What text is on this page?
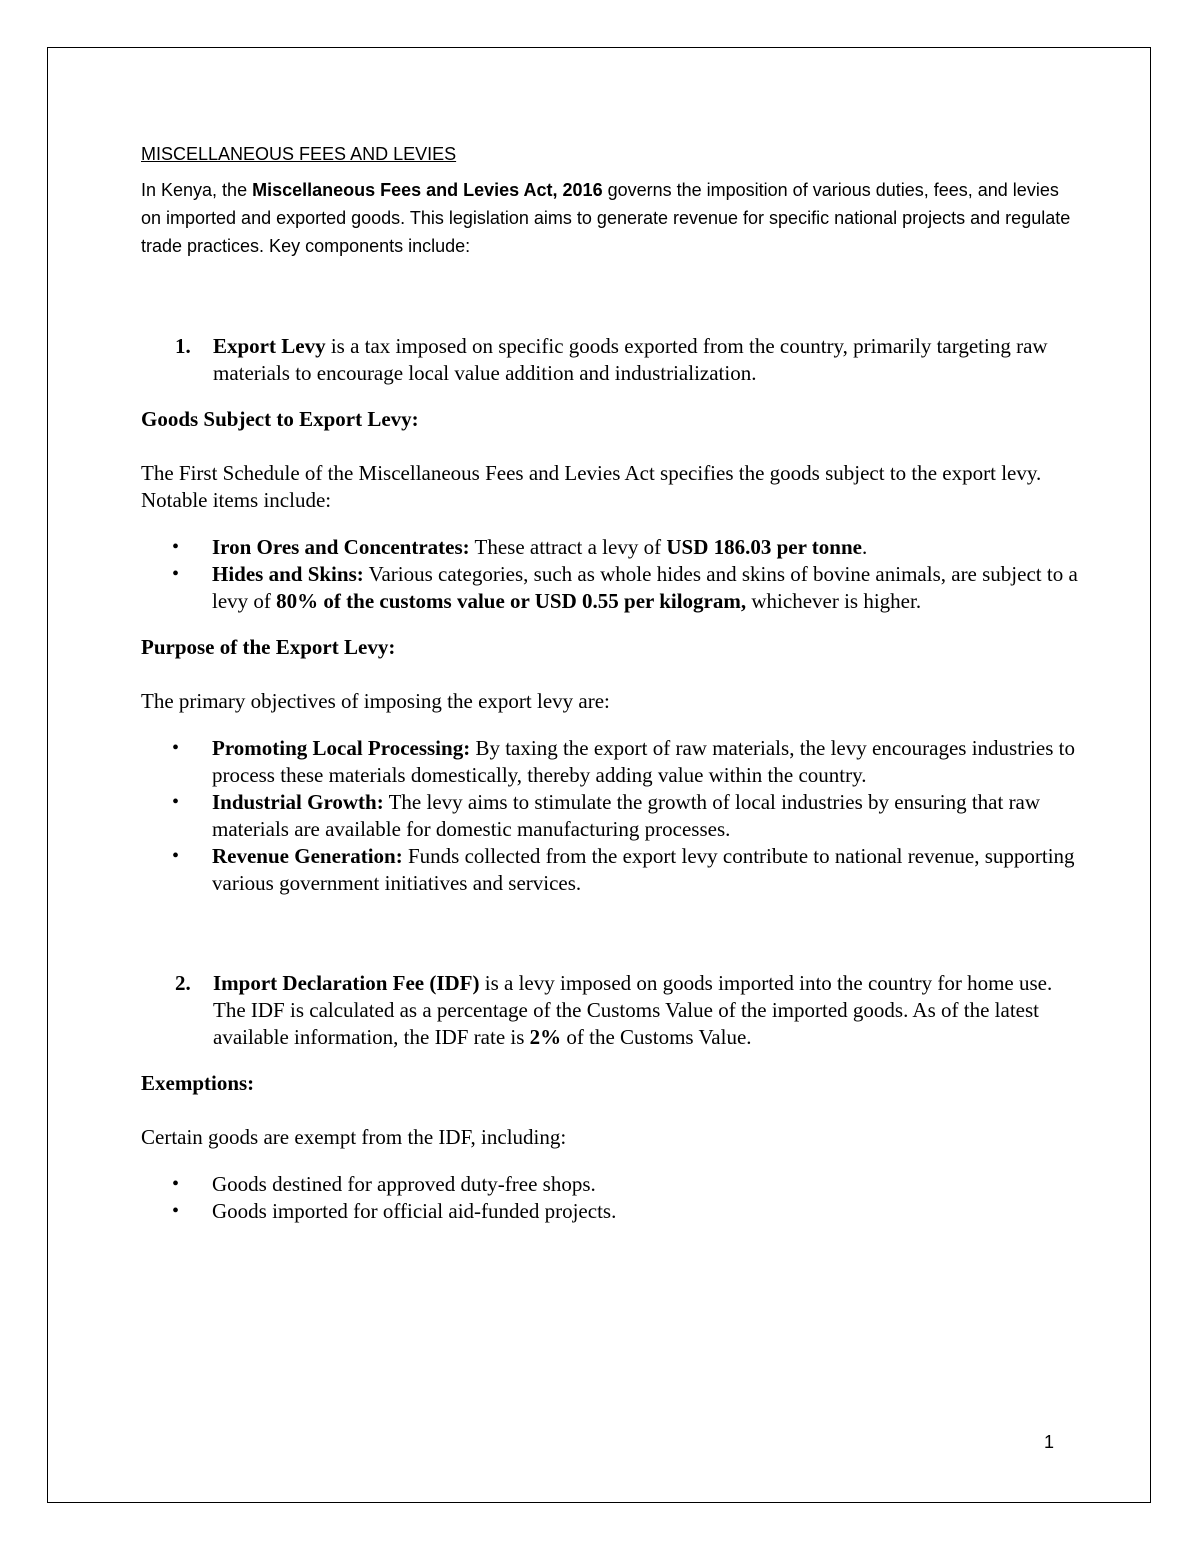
MISCELLANEOUS FEES AND LEVIES

In Kenya, the Miscellaneous Fees and Levies Act, 2016 governs the imposition of various duties, fees, and levies on imported and exported goods. This legislation aims to generate revenue for specific national projects and regulate trade practices. Key components include:

1. Export Levy is a tax imposed on specific goods exported from the country, primarily targeting raw materials to encourage local value addition and industrialization.

Goods Subject to Export Levy:

The First Schedule of the Miscellaneous Fees and Levies Act specifies the goods subject to the export levy. Notable items include:

• Iron Ores and Concentrates: These attract a levy of USD 186.03 per tonne.
• Hides and Skins: Various categories, such as whole hides and skins of bovine animals, are subject to a levy of 80% of the customs value or USD 0.55 per kilogram, whichever is higher.

Purpose of the Export Levy:

The primary objectives of imposing the export levy are:

• Promoting Local Processing: By taxing the export of raw materials, the levy encourages industries to process these materials domestically, thereby adding value within the country.
• Industrial Growth: The levy aims to stimulate the growth of local industries by ensuring that raw materials are available for domestic manufacturing processes.
• Revenue Generation: Funds collected from the export levy contribute to national revenue, supporting various government initiatives and services.

2. Import Declaration Fee (IDF) is a levy imposed on goods imported into the country for home use. The IDF is calculated as a percentage of the Customs Value of the imported goods. As of the latest available information, the IDF rate is 2% of the Customs Value.

Exemptions:

Certain goods are exempt from the IDF, including:

• Goods destined for approved duty-free shops.
• Goods imported for official aid-funded projects.
1
